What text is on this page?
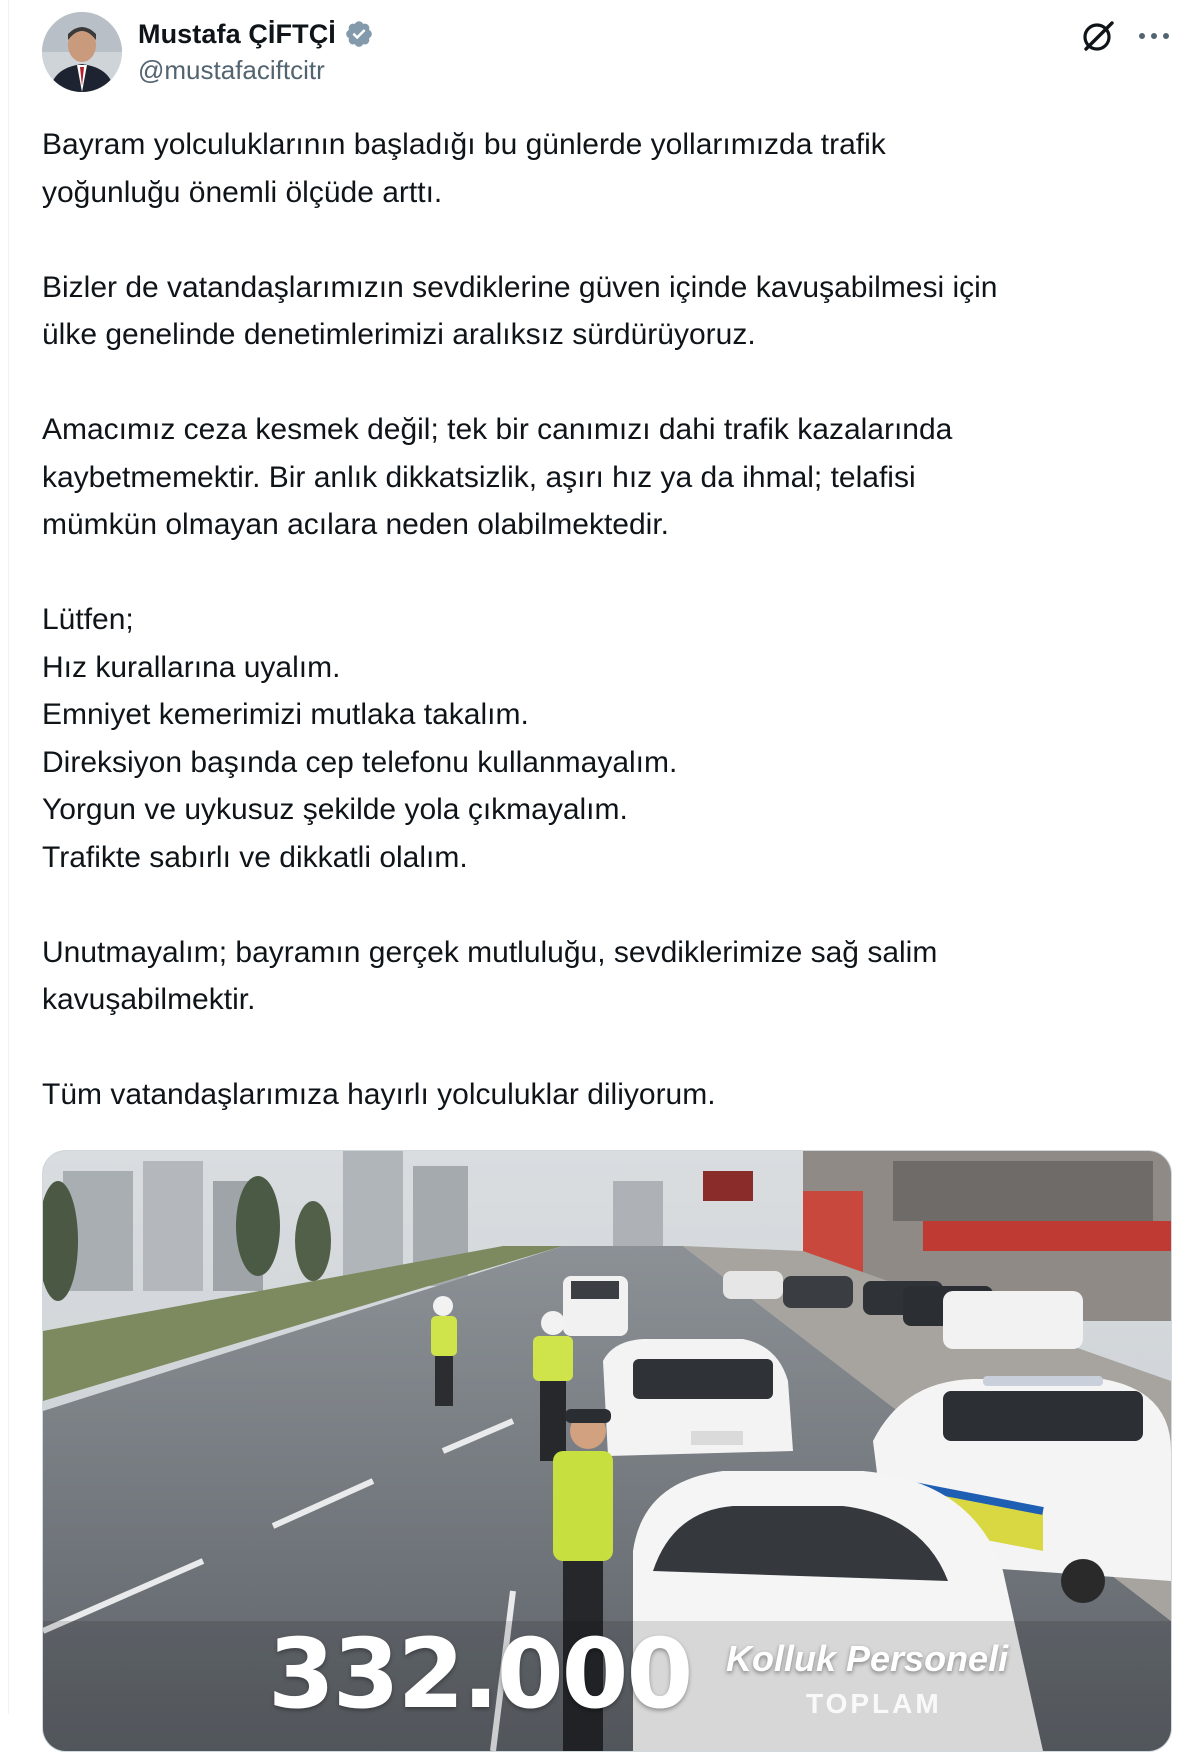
Mustafa ÇİFTÇİ
@mustafaciftcitr

Bayram yolculuklarının başladığı bu günlerde yollarımızda trafik
yoğunluğu önemli ölçüde arttı.

Bizler de vatandaşlarımızın sevdiklerine güven içinde kavuşabilmesi için
ülke genelinde denetimlerimizi aralıksız sürdürüyoruz.

Amacımız ceza kesmek değil; tek bir canımızı dahi trafik kazalarında
kaybetmemektir. Bir anlık dikkatsizlik, aşırı hız ya da ihmal; telafisi
mümkün olmayan acılara neden olabilmektedir.

Lütfen;
Hız kurallarına uyalım.
Emniyet kemerimizi mutlaka takalım.
Direksiyon başında cep telefonu kullanmayalım.
Yorgun ve uykusuz şekilde yola çıkmayalım.
Trafikte sabırlı ve dikkatli olalım.

Unutmayalım; bayramın gerçek mutluluğu, sevdiklerimize sağ salim
kavuşabilmektir.

Tüm vatandaşlarımıza hayırlı yolculuklar diliyorum.

332.000 Kolluk Personeli
TOPLAM
